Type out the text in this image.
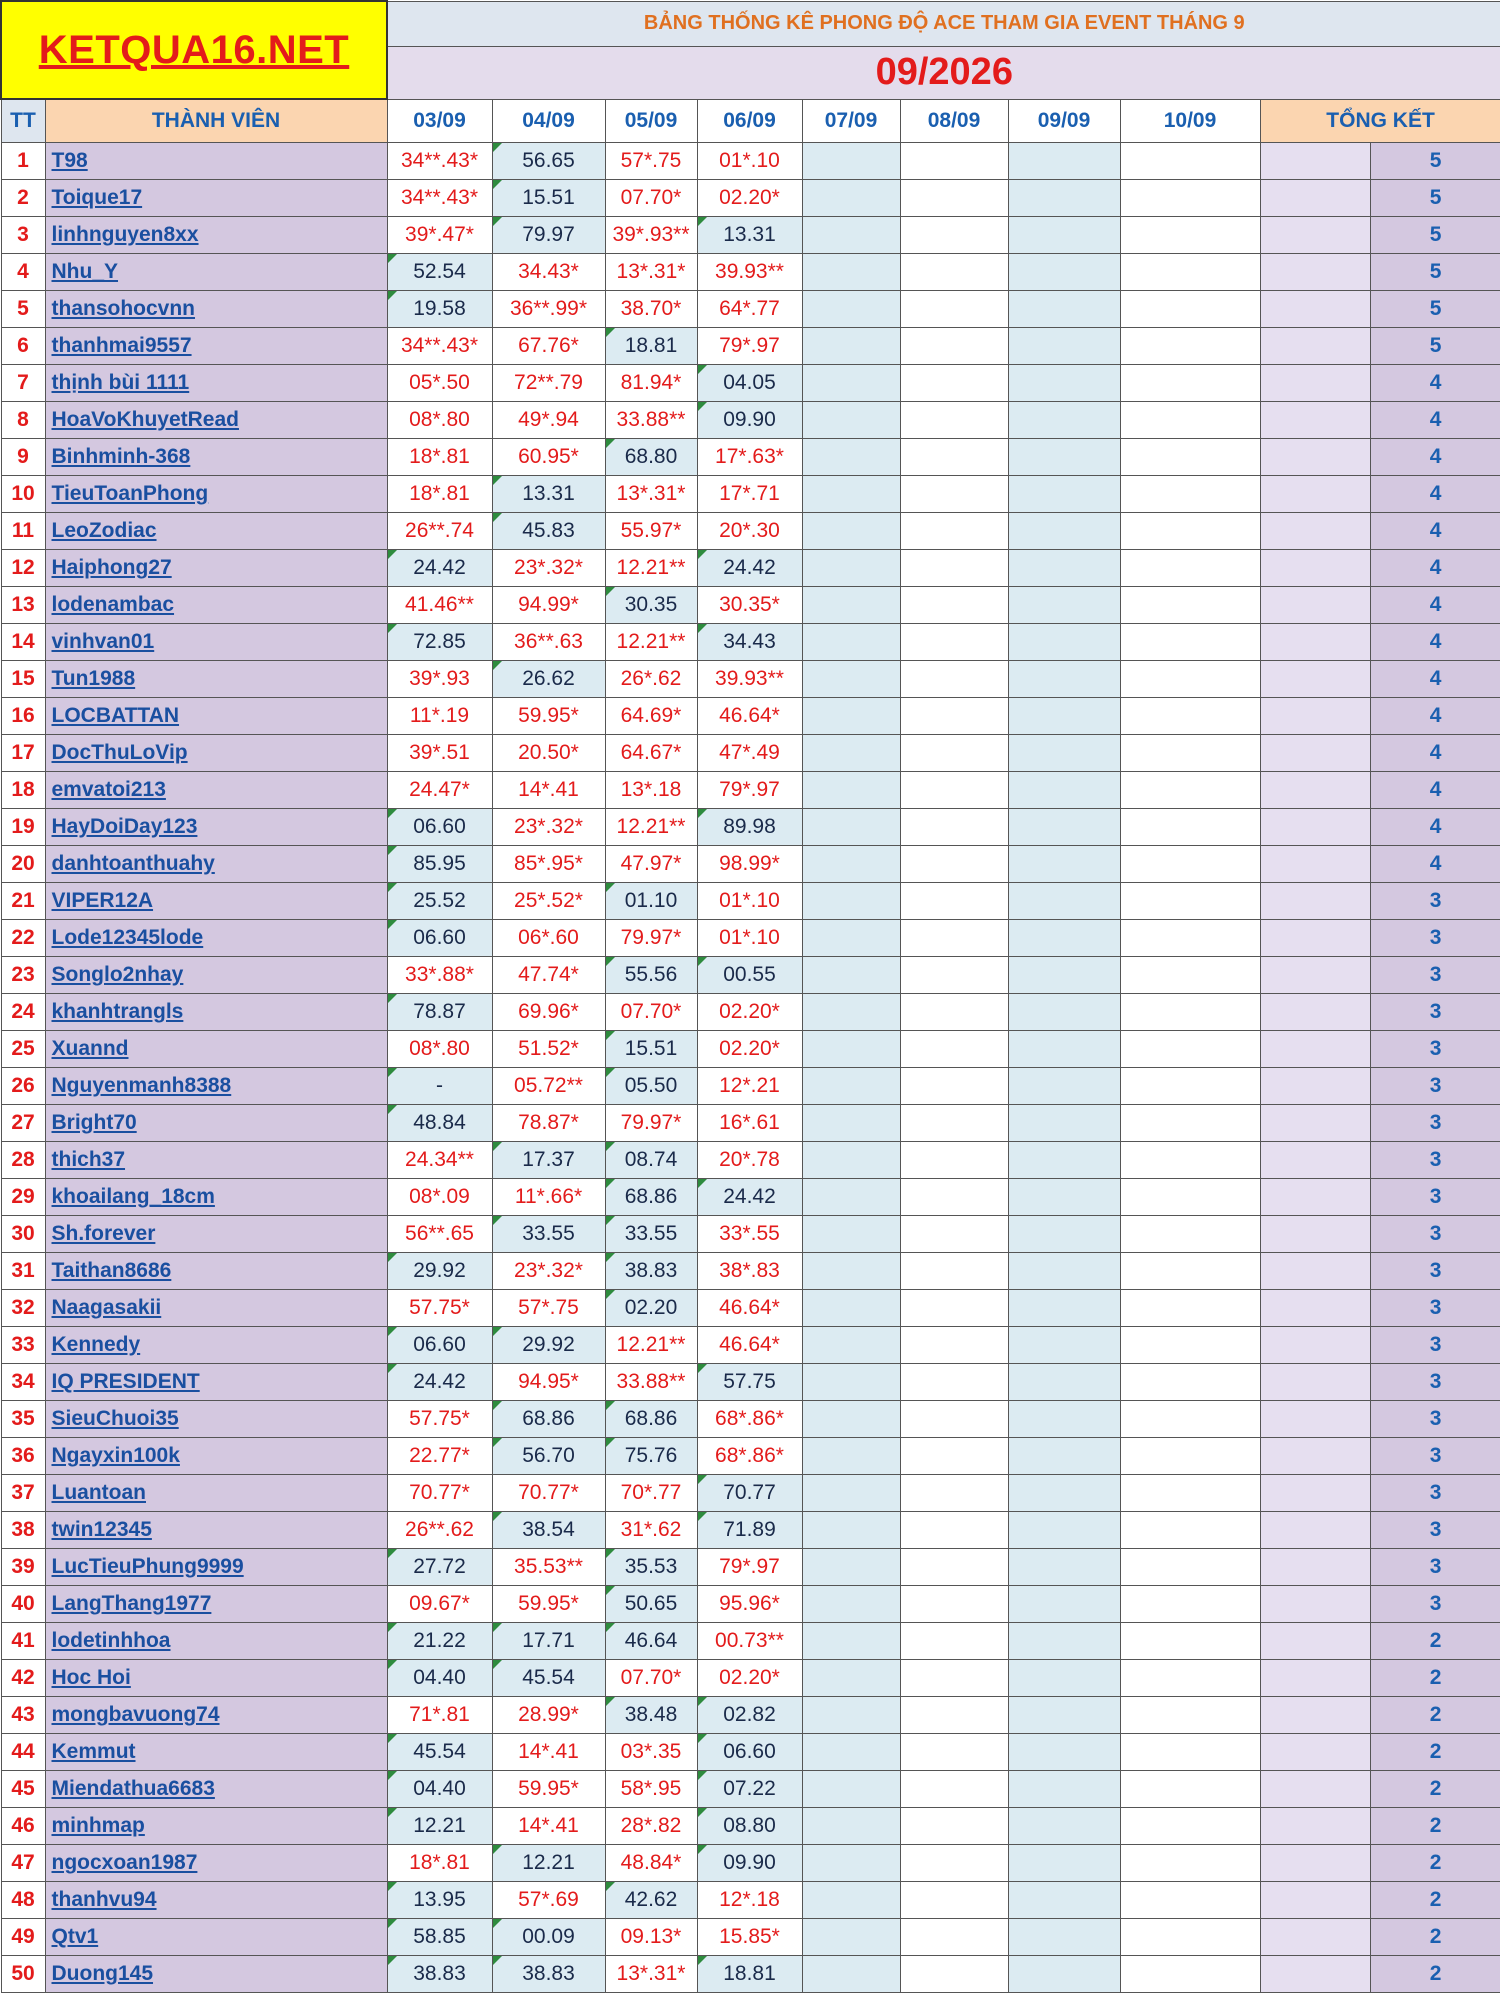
KETQUA16.NET		BẢNG THỐNG KÊ PHONG ĐỘ ACE THAM GIA EVENT THÁNG 9									
		09/2026									
TT	THÀNH VIÊN	03/09	04/09	05/09	06/09	07/09	08/09	09/09	10/09	TỔNG KẾT	
1	T98	34**.43*	56.65	57*.75	01*.10						5
2	Toique17	34**.43*	15.51	07.70*	02.20*						5
3	linhnguyen8xx	39*.47*	79.97	39*.93**	13.31						5
4	Nhu_Y	52.54	34.43*	13*.31*	39.93**						5
5	thansohocvnn	19.58	36**.99*	38.70*	64*.77						5
6	thanhmai9557	34**.43*	67.76*	18.81	79*.97						5
7	thịnh bùi 1111	05*.50	72**.79	81.94*	04.05						4
8	HoaVoKhuyetRead	08*.80	49*.94	33.88**	09.90						4
9	Binhminh-368	18*.81	60.95*	68.80	17*.63*						4
10	TieuToanPhong	18*.81	13.31	13*.31*	17*.71						4
11	LeoZodiac	26**.74	45.83	55.97*	20*.30						4
12	Haiphong27	24.42	23*.32*	12.21**	24.42						4
13	lodenambac	41.46**	94.99*	30.35	30.35*						4
14	vinhvan01	72.85	36**.63	12.21**	34.43						4
15	Tun1988	39*.93	26.62	26*.62	39.93**						4
16	LOCBATTAN	11*.19	59.95*	64.69*	46.64*						4
17	DocThuLoVip	39*.51	20.50*	64.67*	47*.49						4
18	emvatoi213	24.47*	14*.41	13*.18	79*.97						4
19	HayDoiDay123	06.60	23*.32*	12.21**	89.98						4
20	danhtoanthuahy	85.95	85*.95*	47.97*	98.99*						4
21	VIPER12A	25.52	25*.52*	01.10	01*.10						3
22	Lode12345lode	06.60	06*.60	79.97*	01*.10						3
23	Songlo2nhay	33*.88*	47.74*	55.56	00.55						3
24	khanhtrangls	78.87	69.96*	07.70*	02.20*						3
25	Xuannd	08*.80	51.52*	15.51	02.20*						3
26	Nguyenmanh8388	-	05.72**	05.50	12*.21						3
27	Bright70	48.84	78.87*	79.97*	16*.61						3
28	thich37	24.34**	17.37	08.74	20*.78						3
29	khoailang_18cm	08*.09	11*.66*	68.86	24.42						3
30	Sh.forever	56**.65	33.55	33.55	33*.55						3
31	Taithan8686	29.92	23*.32*	38.83	38*.83						3
32	Naagasakii	57.75*	57*.75	02.20	46.64*						3
33	Kennedy	06.60	29.92	12.21**	46.64*						3
34	IQ PRESIDENT	24.42	94.95*	33.88**	57.75						3
35	SieuChuoi35	57.75*	68.86	68.86	68*.86*						3
36	Ngayxin100k	22.77*	56.70	75.76	68*.86*						3
37	Luantoan	70.77*	70.77*	70*.77	70.77						3
38	twin12345	26**.62	38.54	31*.62	71.89						3
39	LucTieuPhung9999	27.72	35.53**	35.53	79*.97						3
40	LangThang1977	09.67*	59.95*	50.65	95.96*						3
41	lodetinhhoa	21.22	17.71	46.64	00.73**						2
42	Hoc Hoi	04.40	45.54	07.70*	02.20*						2
43	mongbavuong74	71*.81	28.99*	38.48	02.82						2
44	Kemmut	45.54	14*.41	03*.35	06.60						2
45	Miendathua6683	04.40	59.95*	58*.95	07.22						2
46	minhmap	12.21	14*.41	28*.82	08.80						2
47	ngocxoan1987	18*.81	12.21	48.84*	09.90						2
48	thanhvu94	13.95	57*.69	42.62	12*.18						2
49	Qtv1	58.85	00.09	09.13*	15.85*						2
50	Duong145	38.83	38.83	13*.31*	18.81						2
